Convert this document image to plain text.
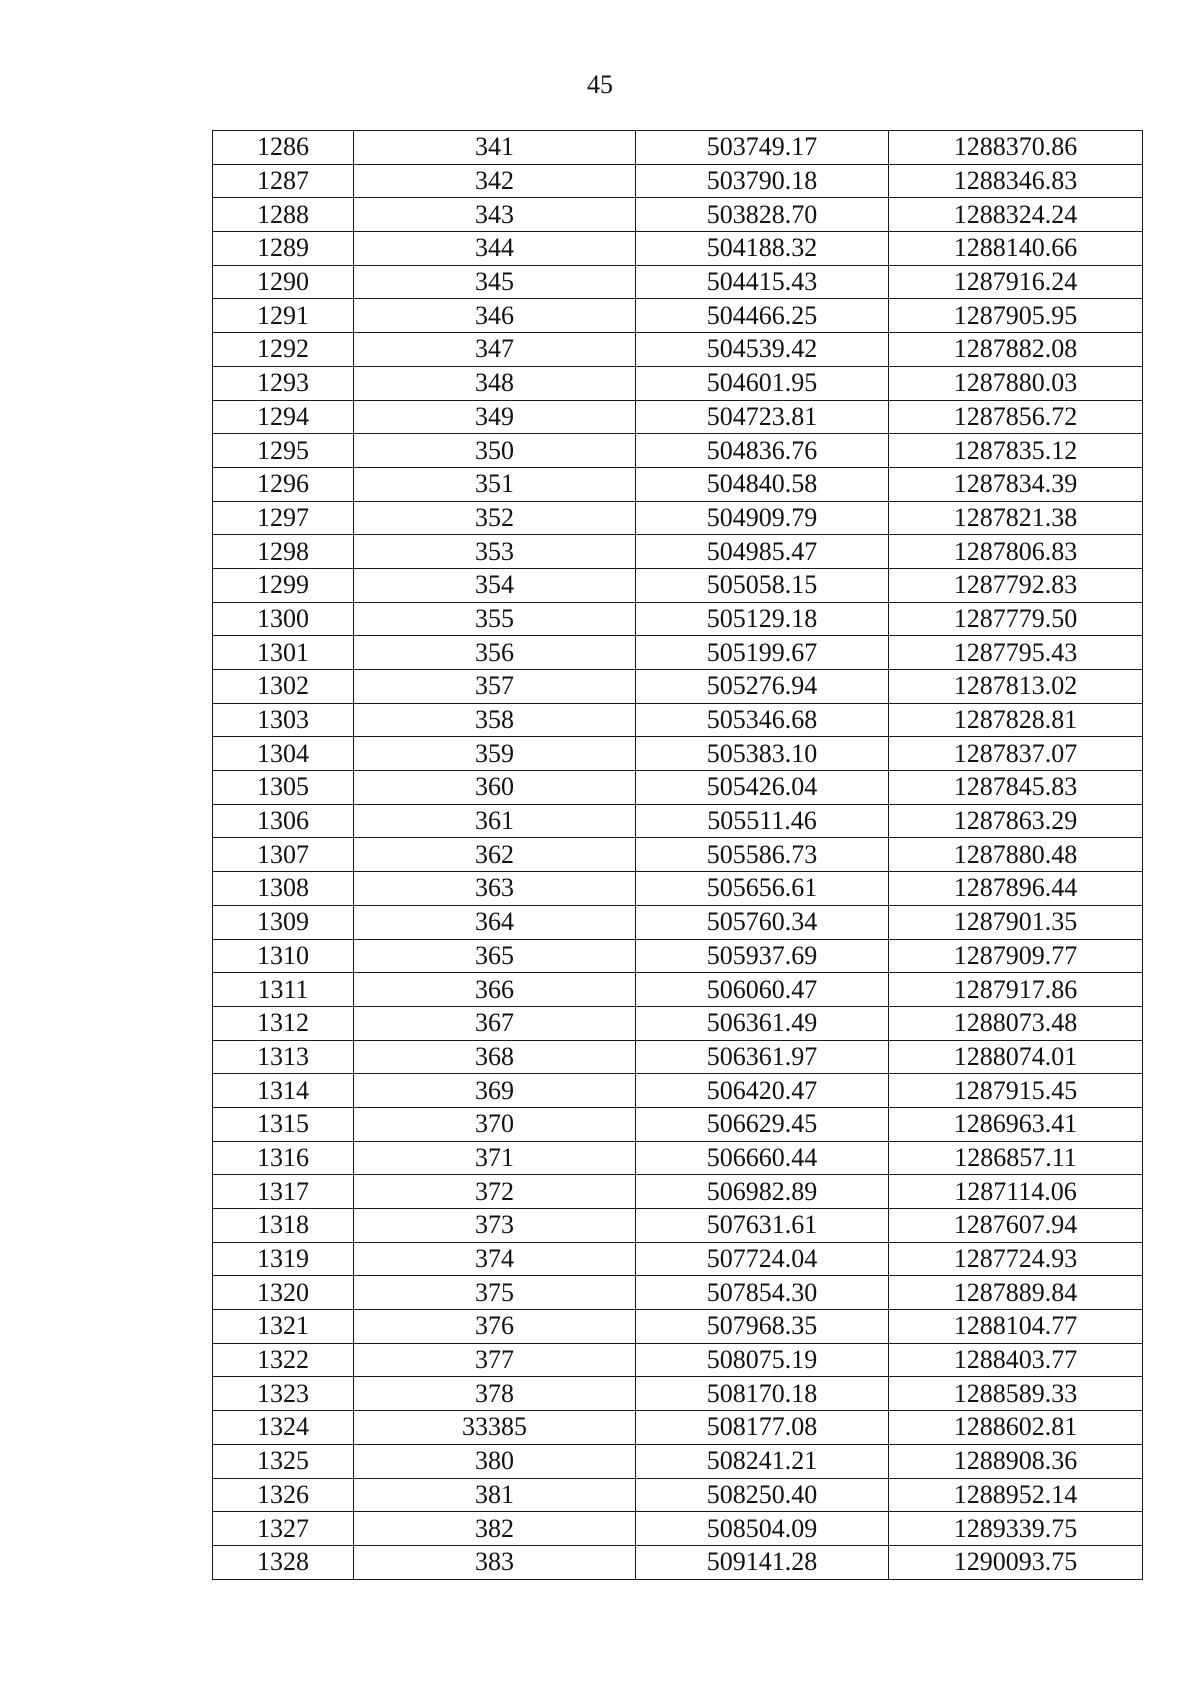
45
1286	341	503749.17	1288370.86
1287	342	503790.18	1288346.83
1288	343	503828.70	1288324.24
1289	344	504188.32	1288140.66
1290	345	504415.43	1287916.24
1291	346	504466.25	1287905.95
1292	347	504539.42	1287882.08
1293	348	504601.95	1287880.03
1294	349	504723.81	1287856.72
1295	350	504836.76	1287835.12
1296	351	504840.58	1287834.39
1297	352	504909.79	1287821.38
1298	353	504985.47	1287806.83
1299	354	505058.15	1287792.83
1300	355	505129.18	1287779.50
1301	356	505199.67	1287795.43
1302	357	505276.94	1287813.02
1303	358	505346.68	1287828.81
1304	359	505383.10	1287837.07
1305	360	505426.04	1287845.83
1306	361	505511.46	1287863.29
1307	362	505586.73	1287880.48
1308	363	505656.61	1287896.44
1309	364	505760.34	1287901.35
1310	365	505937.69	1287909.77
1311	366	506060.47	1287917.86
1312	367	506361.49	1288073.48
1313	368	506361.97	1288074.01
1314	369	506420.47	1287915.45
1315	370	506629.45	1286963.41
1316	371	506660.44	1286857.11
1317	372	506982.89	1287114.06
1318	373	507631.61	1287607.94
1319	374	507724.04	1287724.93
1320	375	507854.30	1287889.84
1321	376	507968.35	1288104.77
1322	377	508075.19	1288403.77
1323	378	508170.18	1288589.33
1324	33385	508177.08	1288602.81
1325	380	508241.21	1288908.36
1326	381	508250.40	1288952.14
1327	382	508504.09	1289339.75
1328	383	509141.28	1290093.75
